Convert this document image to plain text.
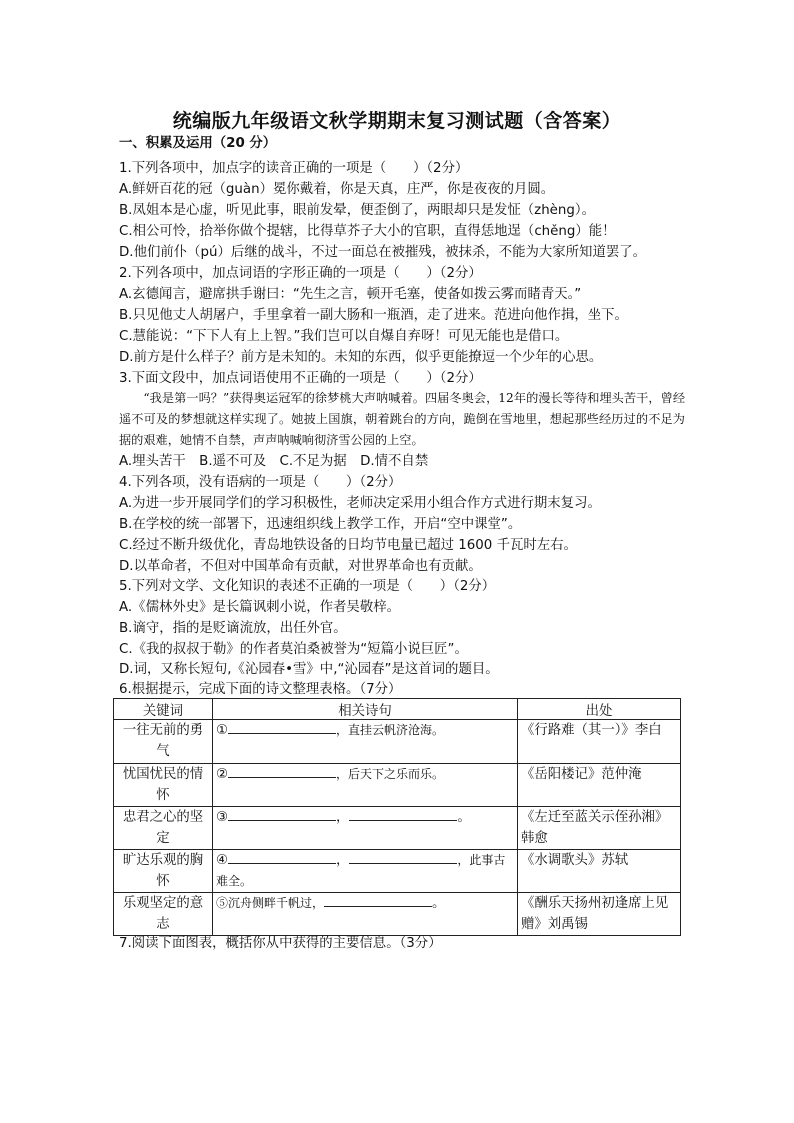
统编版九年级语文秋学期期末复习测试题（含答案）
一、积累及运用（20 分）
1.下列各项中，加点字的读音正确的一项是（　　）（2分）
A.鲜妍百花的冠（guàn）冕你戴着，你是天真，庄严，你是夜夜的月圆。
B.凤姐本是心虚，听见此事，眼前发晕，便歪倒了，两眼却只是发怔（zhèng）。
C.相公可怜，拾举你做个提辖，比得草芥子大小的官职，直得恁地逞（chěng）能！
D.他们前仆（pú）后继的战斗，不过一面总在被摧残，被抹杀，不能为大家所知道罢了。
2.下列各项中，加点词语的字形正确的一项是（　　）（2分）
A.玄德闻言，避席拱手谢曰：“先生之言，顿开毛塞，使备如拨云雾而睹青天。”
B.只见他丈人胡屠户，手里拿着一副大肠和一瓶酒，走了进来。范进向他作揖，坐下。
C.慧能说：“下下人有上上智。”我们岂可以自爆自弃呀！可见无能也是借口。
D.前方是什么样子？前方是未知的。未知的东西，似乎更能撩逗一个少年的心思。
3.下面文段中，加点词语使用不正确的一项是（　　）（2分）
“我是第一吗？”获得奥运冠军的徐梦桃大声呐喊着。四届冬奥会，12年的漫长等待和埋头苦干，曾经遥不可及的梦想就这样实现了。她披上国旗，朝着跳台的方向，跪倒在雪地里，想起那些经历过的不足为据的艰难，她情不自禁，声声呐喊响彻济雪公园的上空。
A.埋头苦干　B.遥不可及　C.不足为据　D.情不自禁
4.下列各项，没有语病的一项是（　　）（2分）
A.为进一步开展同学们的学习积极性，老师决定采用小组合作方式进行期末复习。
B.在学校的统一部署下，迅速组织线上教学工作，开启“空中课堂”。
C.经过不断升级优化，青岛地铁设备的日均节电量已超过 1600 千瓦时左右。
D.以革命者，不但对中国革命有贡献，对世界革命也有贡献。
5.下列对文学、文化知识的表述不正确的一项是（　　）（2分）
A.《儒林外史》是长篇讽刺小说，作者吴敬梓。
B.谪守，指的是贬谪流放，出任外官。
C.《我的叔叔于勒》的作者莫泊桑被誉为“短篇小说巨匠”。
D.词，又称长短句,《沁园春•雪》中,“沁园春”是这首词的题目。
6.根据提示，完成下面的诗文整理表格。（7分）
关键词	相关诗句	出处
一往无前的勇气	① ，直挂云帆济沧海。	《行路难（其一）》李白
忧国忧民的情怀	② ，后天下之乐而乐。	《岳阳楼记》范仲淹
忠君之心的坚定	③ ， 。	《左迁至蓝关示侄孙湘》韩愈
旷达乐观的胸怀	④ ， ，此事古难全。	《水调歌头》苏轼
乐观坚定的意志	⑤沉舟侧畔千帆过， 。	《酬乐天扬州初逢席上见赠》刘禹锡
7.阅读下面图表，概括你从中获得的主要信息。（3分）
